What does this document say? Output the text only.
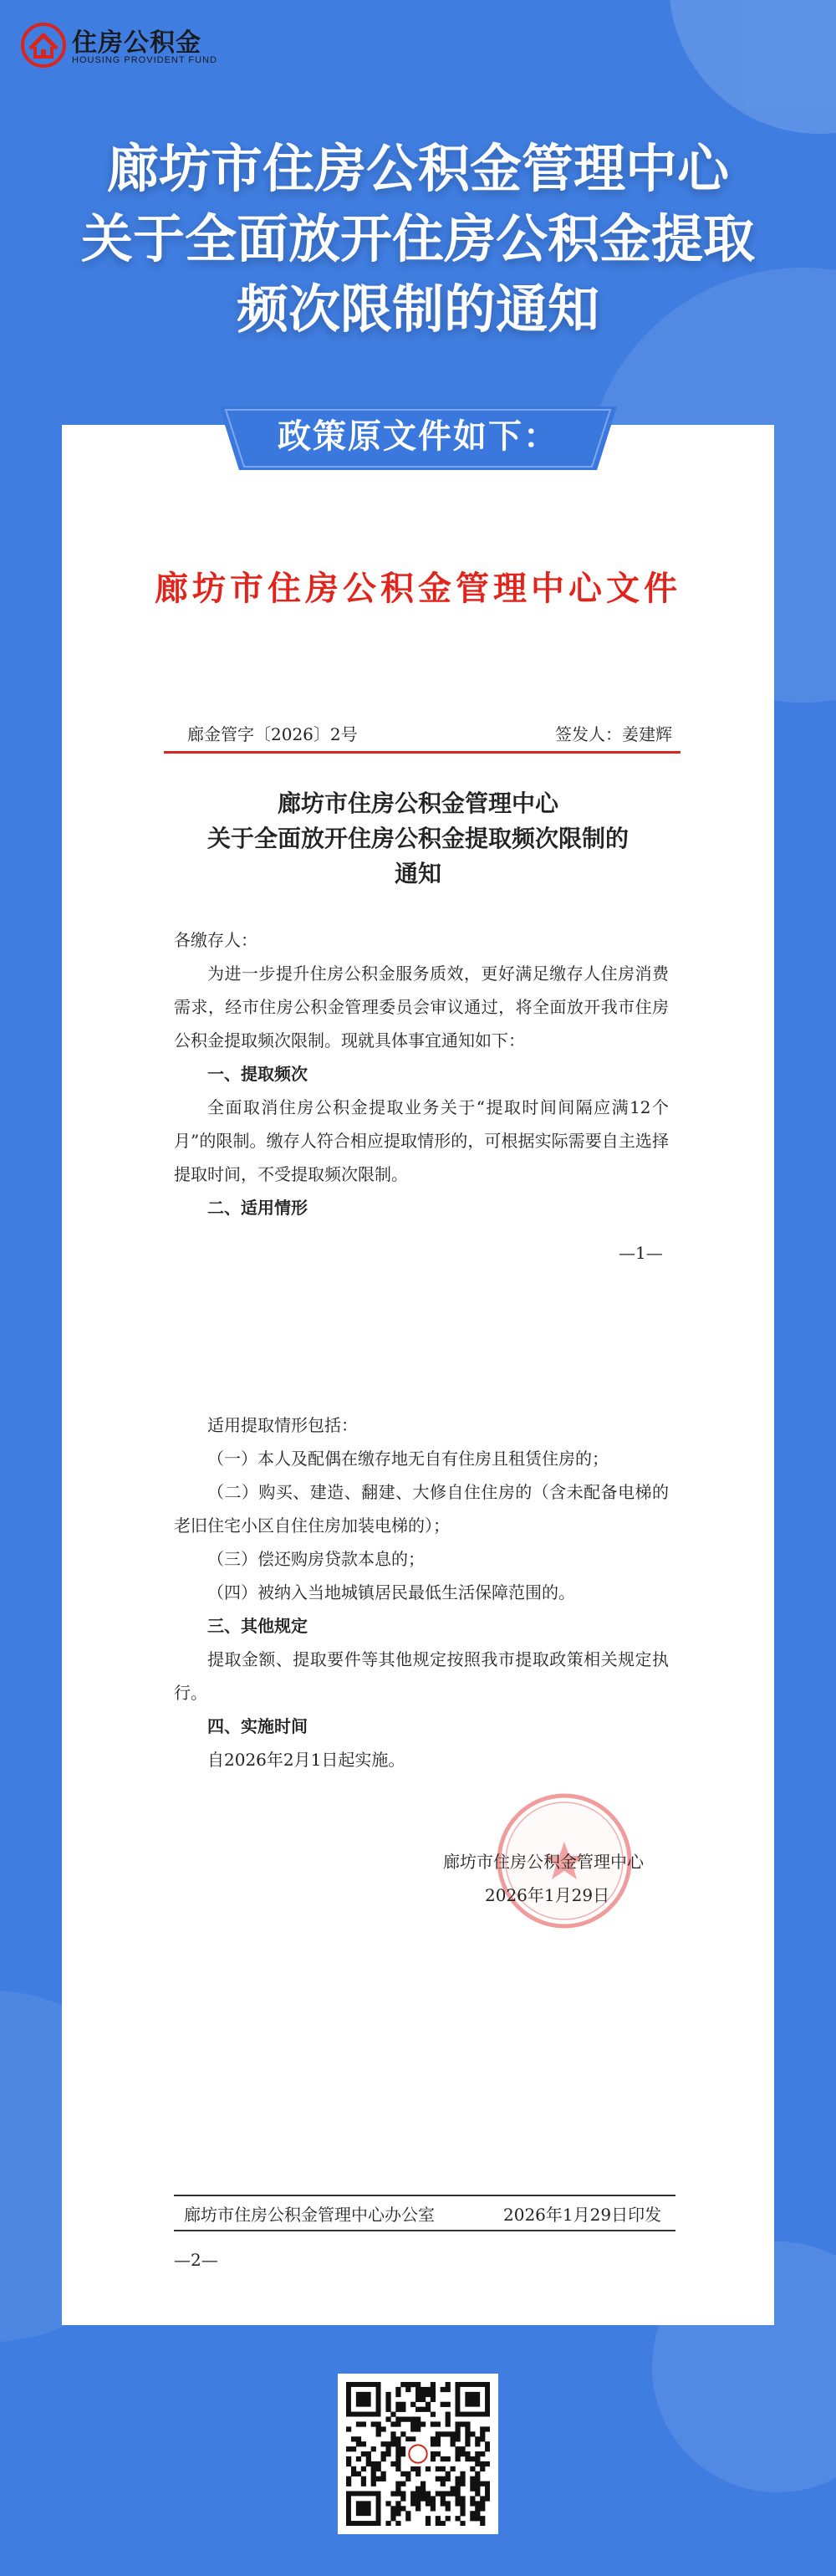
住房公积金
HOUSING PROVIDENT FUND
廊坊市住房公积金管理中心
关于全面放开住房公积金提取
频次限制的通知
政策原文件如下：
廊坊市住房公积金管理中心文件
廊金管字〔2026〕2号	签发人：姜建辉
廊坊市住房公积金管理中心
关于全面放开住房公积金提取频次限制的
通知

各缴存人：

为进一步提升住房公积金服务质效，更好满足缴存人住房消费需求，经市住房公积金管理委员会审议通过，将全面放开我市住房公积金提取频次限制。现就具体事宜通知如下：

一、提取频次

全面取消住房公积金提取业务关于“提取时间间隔应满12个月”的限制。缴存人符合相应提取情形的，可根据实际需要自主选择提取时间，不受提取频次限制。

二、适用情形

—1—

适用提取情形包括：

（一）本人及配偶在缴存地无自有住房且租赁住房的；

（二）购买、建造、翻建、大修自住住房的（含未配备电梯的老旧住宅小区自住住房加装电梯的）；

（三）偿还购房贷款本息的；

（四）被纳入当地城镇居民最低生活保障范围的。

三、其他规定

提取金额、提取要件等其他规定按照我市提取政策相关规定执行。

四、实施时间

自2026年2月1日起实施。

廊坊市住房公积金管理中心
2026年1月29日
廊坊市住房公积金管理中心办公室	2026年1月29日印发
—2—
